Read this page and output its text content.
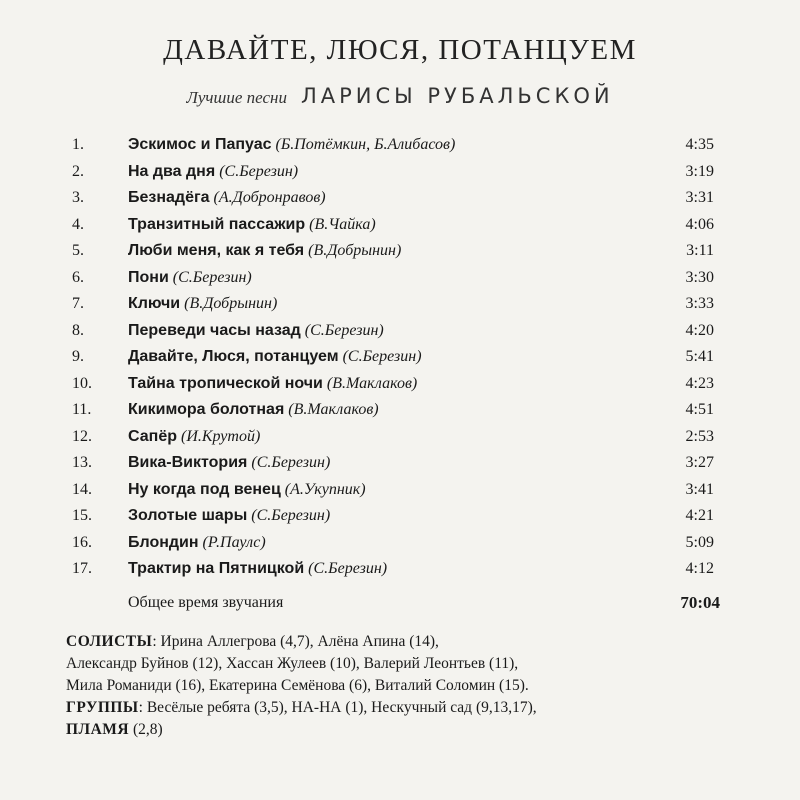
ДАВАЙТЕ, ЛЮСЯ, ПОТАНЦУЕМ
Лучшие песни ЛАРИСЫ РУБАЛЬСКОЙ
1.	Эскимос и Папуас (Б.Потёмкин, Б.Алибасов)	4:35
2.	На два дня (С.Березин)	3:19
3.	Безнадёга (А.Добронравов)	3:31
4.	Транзитный пассажир (В.Чайка)	4:06
5.	Люби меня, как я тебя (В.Добрынин)	3:11
6.	Пони (С.Березин)	3:30
7.	Ключи (В.Добрынин)	3:33
8.	Переведи часы назад (С.Березин)	4:20
9.	Давайте, Люся, потанцуем (С.Березин)	5:41
10.	Тайна тропической ночи (В.Маклаков)	4:23
11.	Кикимора болотная (В.Маклаков)	4:51
12.	Сапёр (И.Крутой)	2:53
13.	Вика-Виктория (С.Березин)	3:27
14.	Ну когда под венец (А.Укупник)	3:41
15.	Золотые шары (С.Березин)	4:21
16.	Блондин (Р.Паулс)	5:09
17.	Трактир на Пятницкой (С.Березин)	4:12
Общее время звучания	70:04
СОЛИСТЫ: Ирина Аллегрова (4,7), Алёна Апина (14),
Александр Буйнов (12), Хассан Жулеев (10), Валерий Леонтьев (11),
Мила Романиди (16), Екатерина Семёнова (6), Виталий Соломин (15).
ГРУППЫ: Весёлые ребята (3,5), НА-НА (1), Нескучный сад (9,13,17),
ПЛАМЯ (2,8)
